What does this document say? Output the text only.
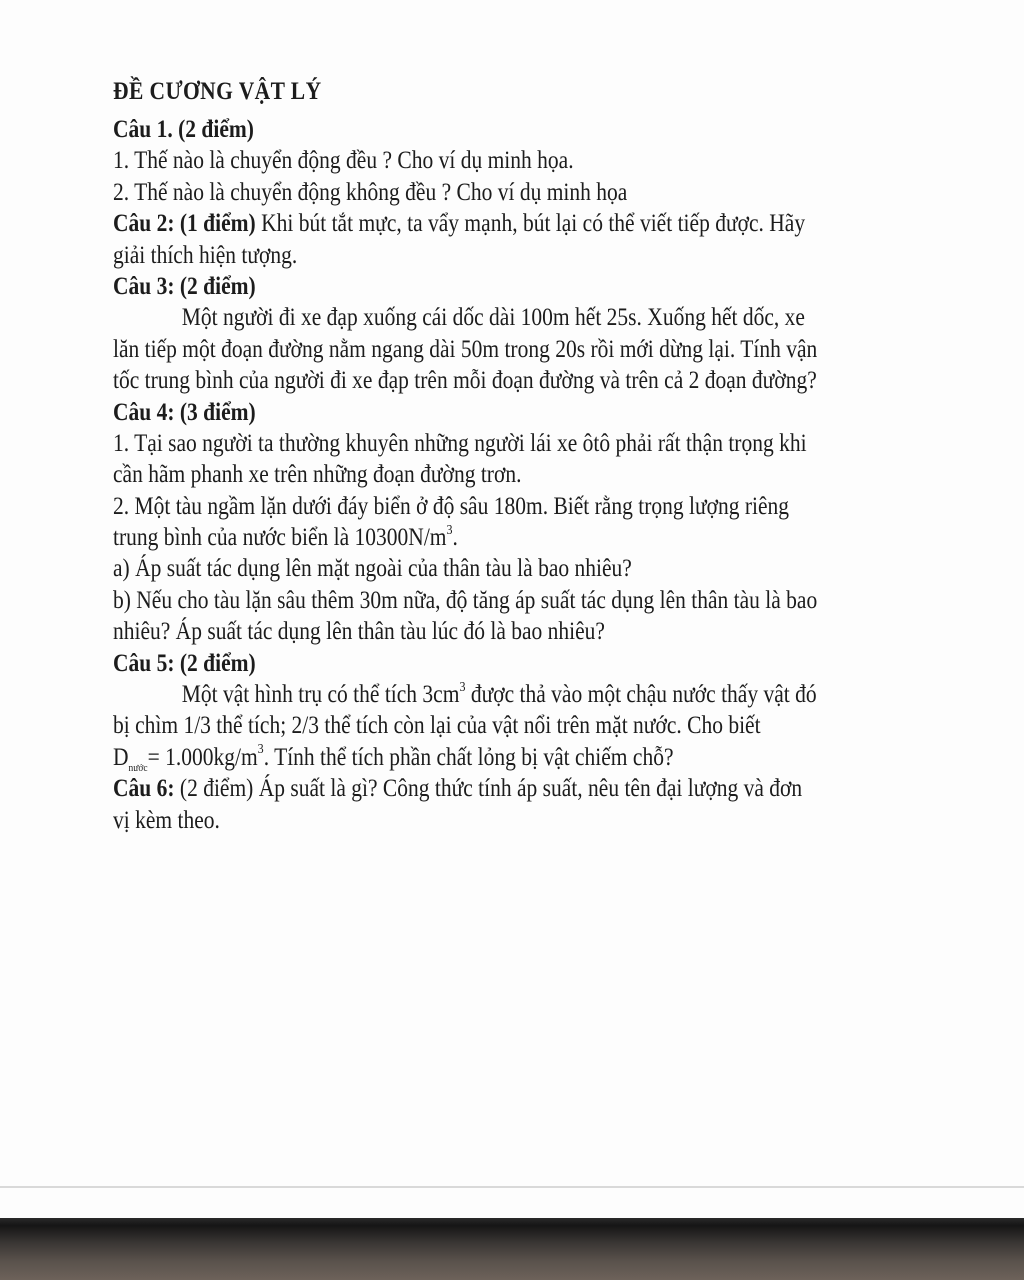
ĐỀ CƯƠNG VẬT LÝ

Câu 1. (2 điểm)

1. Thế nào là chuyển động đều ? Cho ví dụ minh họa.

2. Thế nào là chuyển động không đều ? Cho ví dụ minh họa

Câu 2: (1 điểm) Khi bút tắt mực, ta vẩy mạnh, bút lại có thể viết tiếp được. Hãy

giải thích hiện tượng.

Câu 3: (2 điểm)

Một người đi xe đạp xuống cái dốc dài 100m hết 25s. Xuống hết dốc, xe

lăn tiếp một đoạn đường nằm ngang dài 50m trong 20s rồi mới dừng lại. Tính vận

tốc trung bình của người đi xe đạp trên mỗi đoạn đường và trên cả 2 đoạn đường?

Câu 4: (3 điểm)

1. Tại sao người ta thường khuyên những người lái xe ôtô phải rất thận trọng khi

cần hãm phanh xe trên những đoạn đường trơn.

2. Một tàu ngầm lặn dưới đáy biển ở độ sâu 180m. Biết rằng trọng lượng riêng

trung bình của nước biển là $10300N/m^3$.

a) Áp suất tác dụng lên mặt ngoài của thân tàu là bao nhiêu?

b) Nếu cho tàu lặn sâu thêm 30m nữa, độ tăng áp suất tác dụng lên thân tàu là bao

nhiêu? Áp suất tác dụng lên thân tàu lúc đó là bao nhiêu?

Câu 5: (2 điểm)

Một vật hình trụ có thể tích $3cm^3$ được thả vào một chậu nước thấy vật đó

bị chìm 1/3 thể tích; 2/3 thể tích còn lại của vật nổi trên mặt nước. Cho biết

$D_{nước}= 1.000kg/m^3$. Tính thể tích phần chất lỏng bị vật chiếm chỗ?

Câu 6: (2 điểm) Áp suất là gì? Công thức tính áp suất, nêu tên đại lượng và đơn

vị kèm theo.
